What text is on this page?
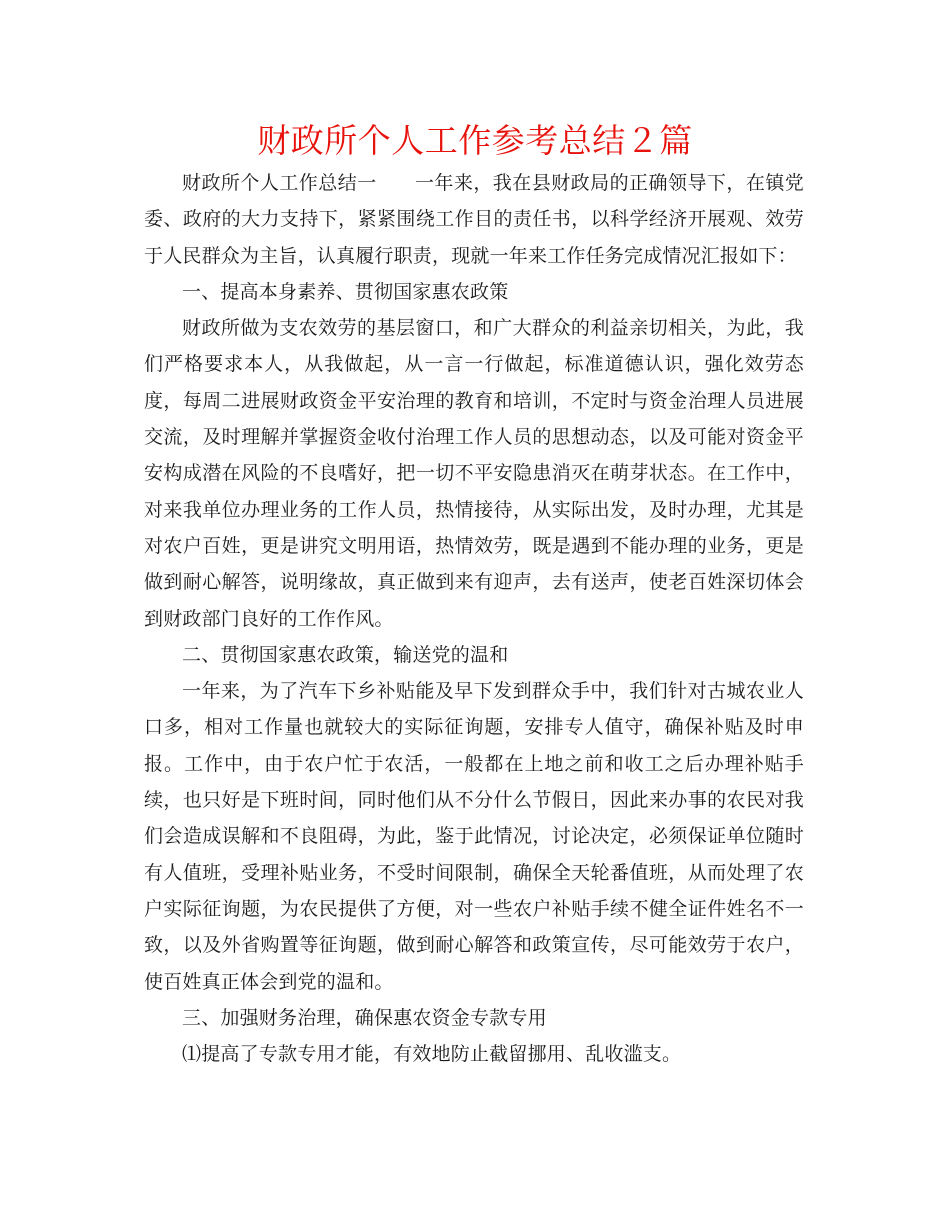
财政所个人工作参考总结２篇

财政所个人工作总结一 一年来，我在县财政局的正确领导下，在镇党委、政府的大力支持下，紧紧围绕工作目的责任书，以科学经济开展观、效劳于人民群众为主旨，认真履行职责，现就一年来工作任务完成情况汇报如下：

一、提高本身素养、贯彻国家惠农政策

财政所做为支农效劳的基层窗口，和广大群众的利益亲切相关，为此，我们严格要求本人，从我做起，从一言一行做起，标准道德认识，强化效劳态度，每周二进展财政资金平安治理的教育和培训，不定时与资金治理人员进展交流，及时理解并掌握资金收付治理工作人员的思想动态，以及可能对资金平安构成潜在风险的不良嗜好，把一切不平安隐患消灭在萌芽状态。在工作中，对来我单位办理业务的工作人员，热情接待，从实际出发，及时办理，尤其是对农户百姓，更是讲究文明用语，热情效劳，既是遇到不能办理的业务，更是做到耐心解答，说明缘故，真正做到来有迎声，去有送声，使老百姓深切体会到财政部门良好的工作作风。

二、贯彻国家惠农政策，输送党的温和

一年来，为了汽车下乡补贴能及早下发到群众手中，我们针对古城农业人口多，相对工作量也就较大的实际征询题，安排专人值守，确保补贴及时申报。工作中，由于农户忙于农活，一般都在上地之前和收工之后办理补贴手续，也只好是下班时间，同时他们从不分什么节假日，因此来办事的农民对我们会造成误解和不良阻碍，为此，鉴于此情况，讨论决定，必须保证单位随时有人值班，受理补贴业务，不受时间限制，确保全天轮番值班，从而处理了农户实际征询题，为农民提供了方便，对一些农户补贴手续不健全证件姓名不一致，以及外省购置等征询题，做到耐心解答和政策宣传，尽可能效劳于农户，使百姓真正体会到党的温和。

三、加强财务治理，确保惠农资金专款专用

⑴提高了专款专用才能，有效地防止截留挪用、乱收滥支。
